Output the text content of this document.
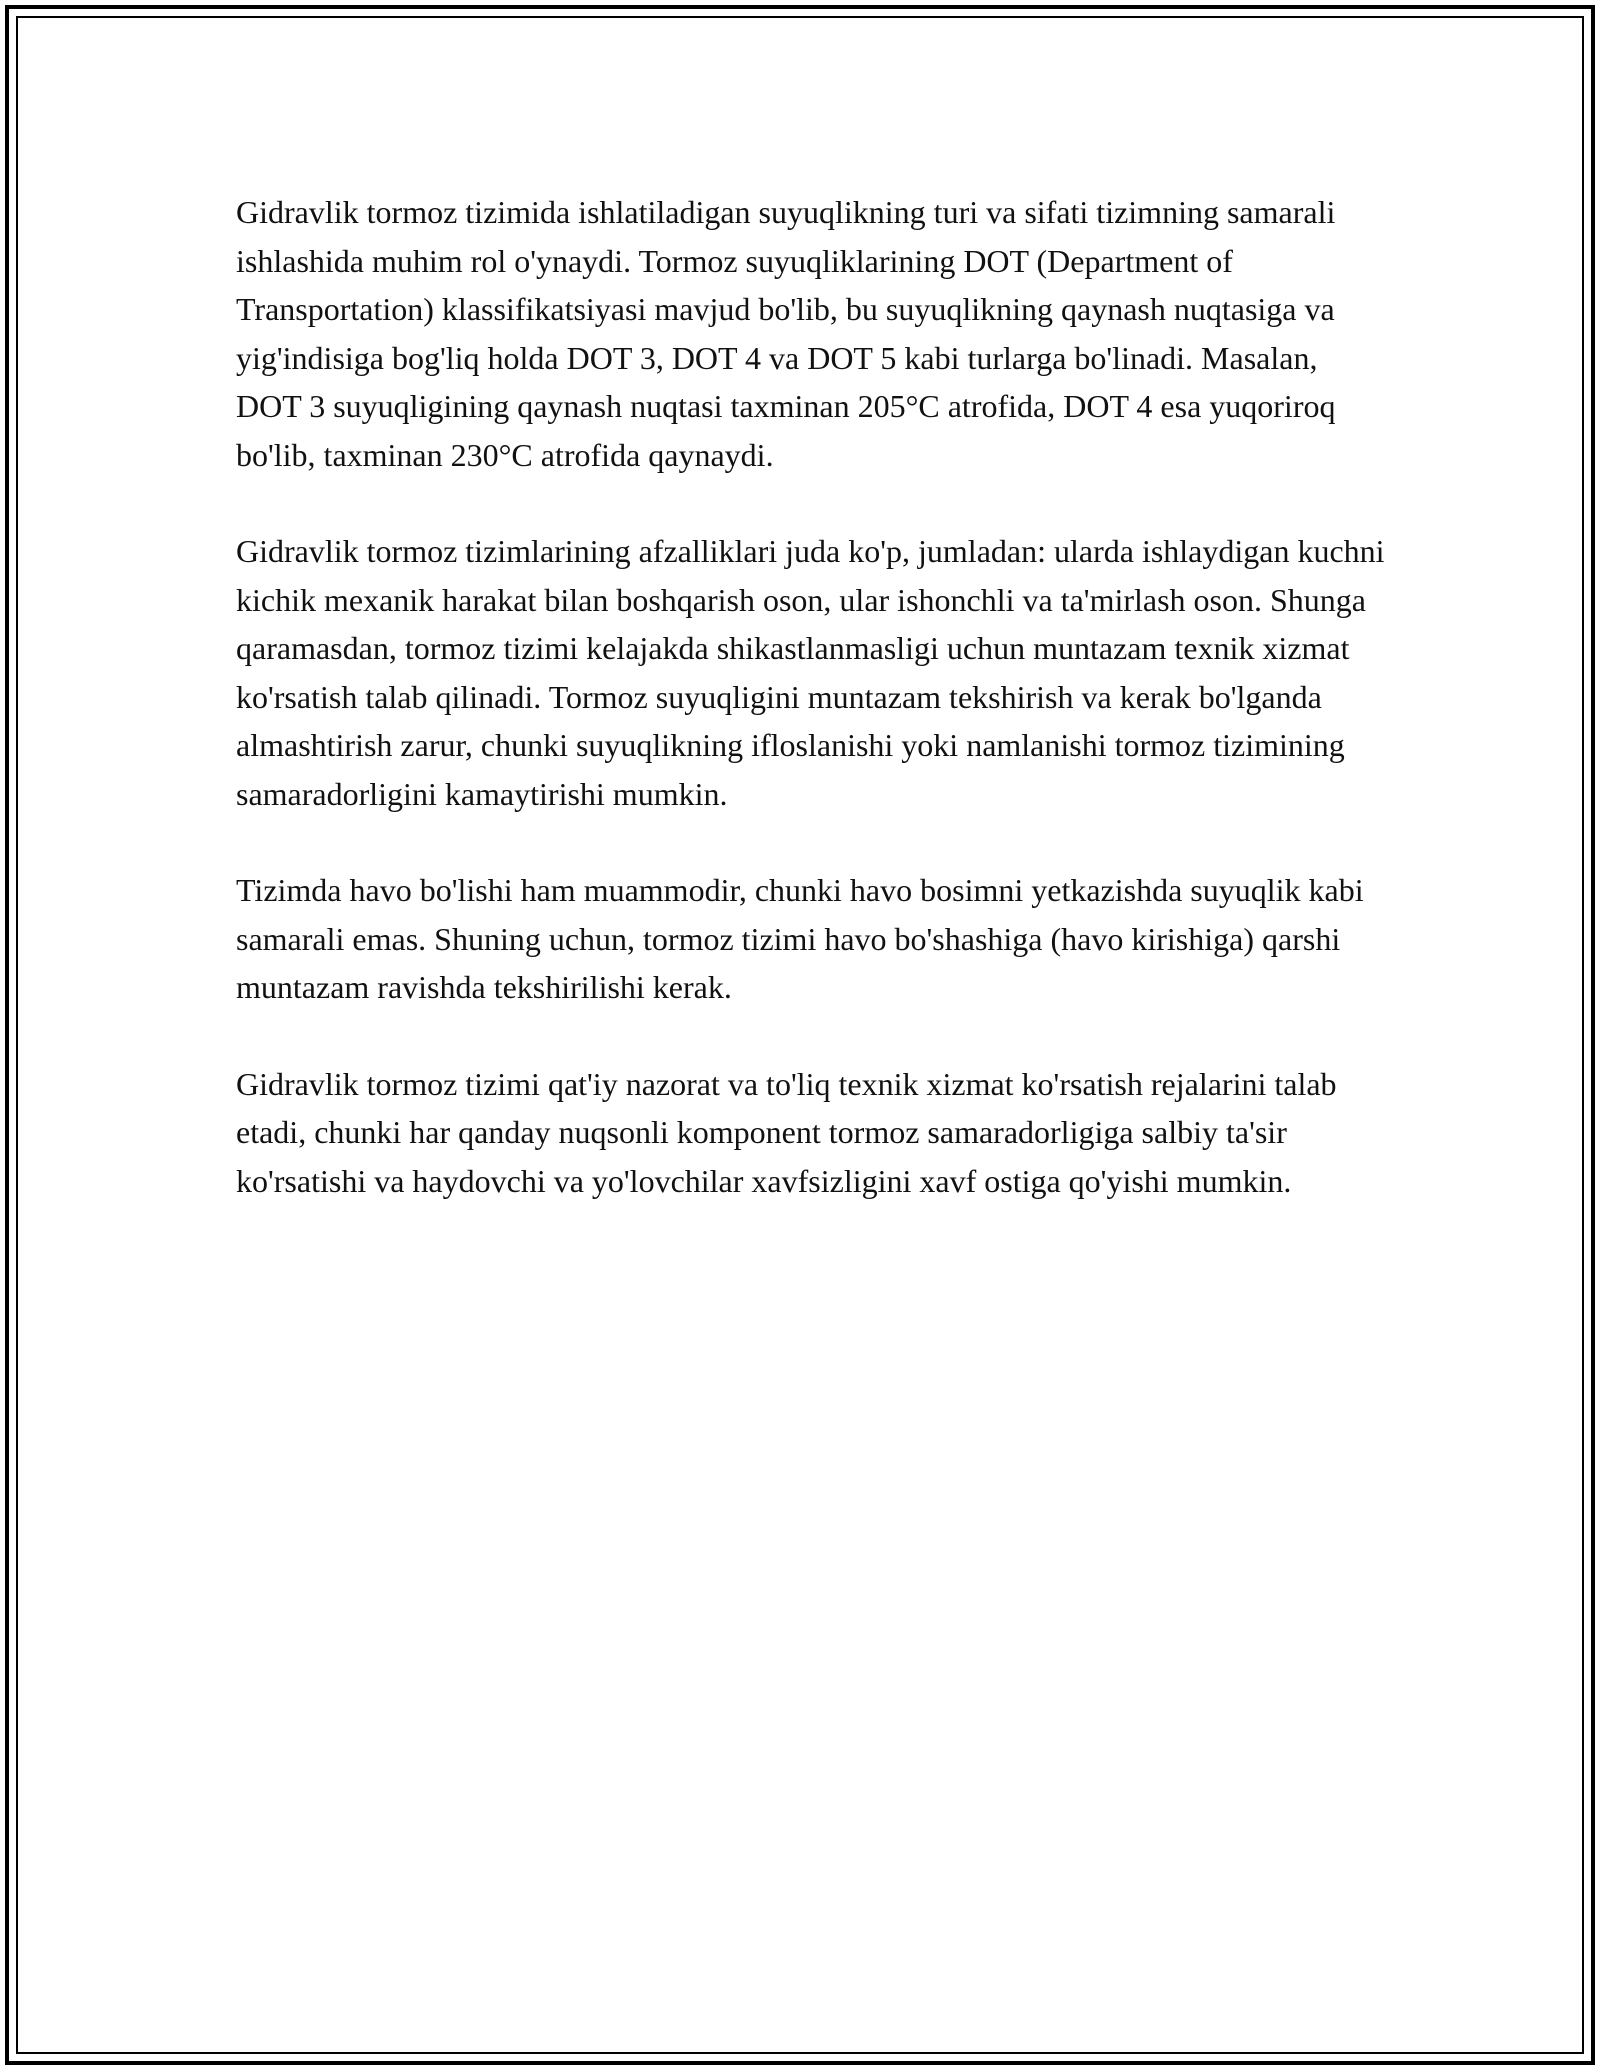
Gidravlik tormoz tizimida ishlatiladigan suyuqlikning turi va sifati tizimning samarali ishlashida muhim rol o'ynaydi. Tormoz suyuqliklarining DOT (Department of Transportation) klassifikatsiyasi mavjud bo'lib, bu suyuqlikning qaynash nuqtasiga va yig'indisiga bog'liq holda DOT 3, DOT 4 va DOT 5 kabi turlarga bo'linadi. Masalan, DOT 3 suyuqligining qaynash nuqtasi taxminan 205°C atrofida, DOT 4 esa yuqoriroq bo'lib, taxminan 230°C atrofida qaynaydi.

Gidravlik tormoz tizimlarining afzalliklari juda ko'p, jumladan: ularda ishlaydigan kuchni kichik mexanik harakat bilan boshqarish oson, ular ishonchli va ta'mirlash oson. Shunga qaramasdan, tormoz tizimi kelajakda shikastlanmasligi uchun muntazam texnik xizmat ko'rsatish talab qilinadi. Tormoz suyuqligini muntazam tekshirish va kerak bo'lganda almashtirish zarur, chunki suyuqlikning ifloslanishi yoki namlanishi tormoz tizimining samaradorligini kamaytirishi mumkin.

Tizimda havo bo'lishi ham muammodir, chunki havo bosimni yetkazishda suyuqlik kabi samarali emas. Shuning uchun, tormoz tizimi havo bo'shashiga (havo kirishiga) qarshi muntazam ravishda tekshirilishi kerak.

Gidravlik tormoz tizimi qat'iy nazorat va to'liq texnik xizmat ko'rsatish rejalarini talab etadi, chunki har qanday nuqsonli komponent tormoz samaradorligiga salbiy ta'sir ko'rsatishi va haydovchi va yo'lovchilar xavfsizligini xavf ostiga qo'yishi mumkin.
